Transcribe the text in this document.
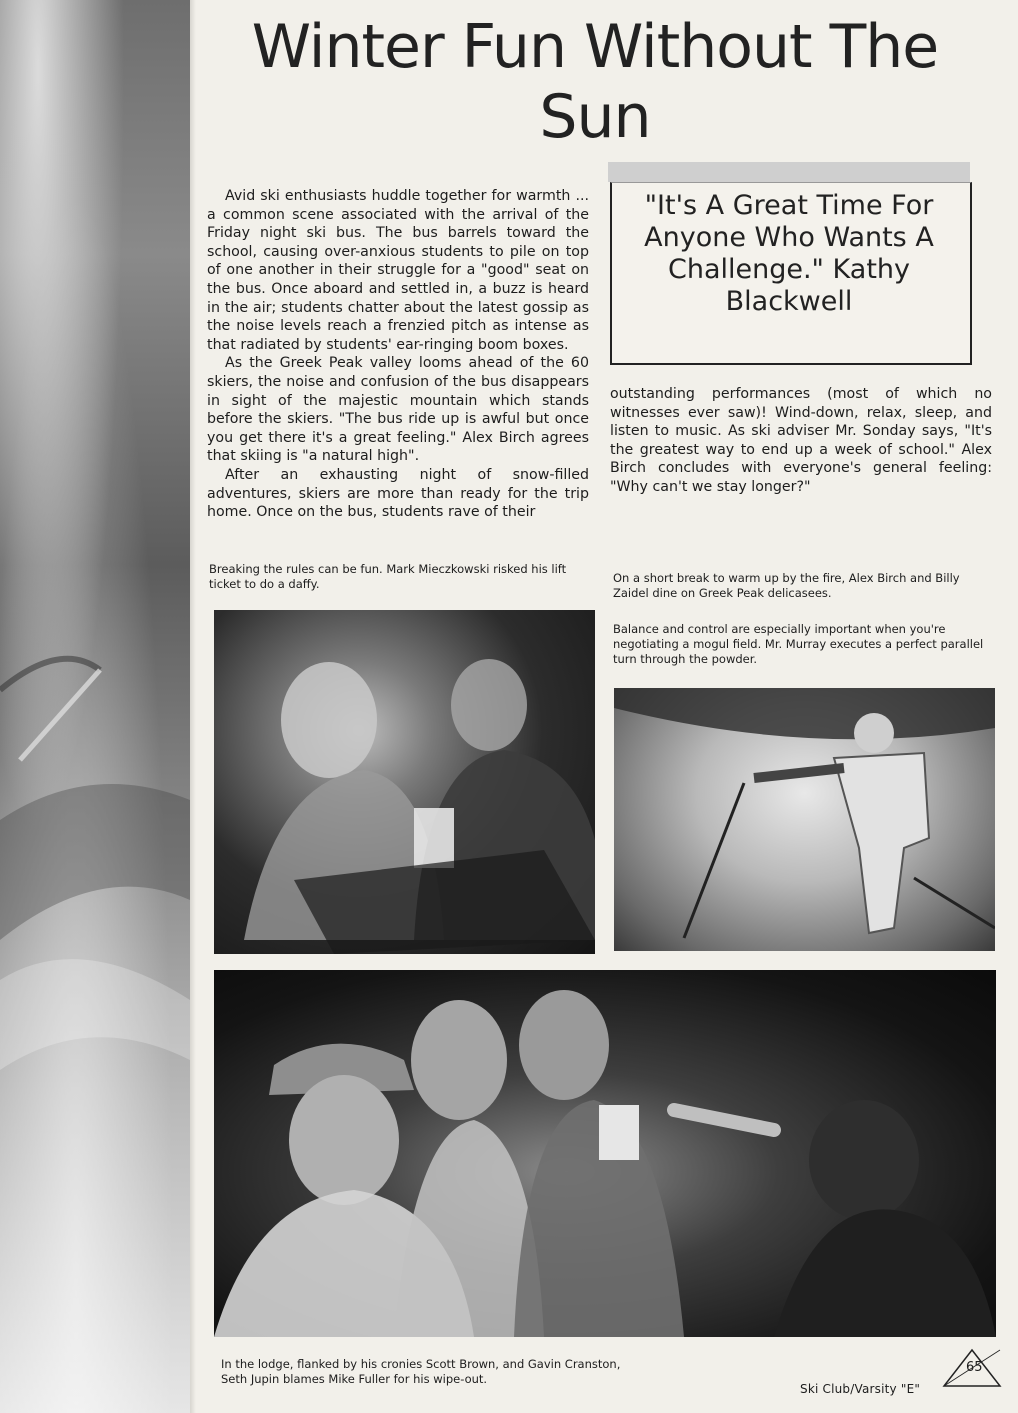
Winter Fun Without The Sun

Avid ski enthusiasts huddle together for warmth ... a common scene associated with the arrival of the Friday night ski bus. The bus barrels toward the school, causing over-anxious students to pile on top of one another in their struggle for a "good" seat on the bus. Once aboard and settled in, a buzz is heard in the air; students chatter about the latest gossip as the noise levels reach a frenzied pitch as intense as that radiated by students' ear-ringing boom boxes.

As the Greek Peak valley looms ahead of the 60 skiers, the noise and confusion of the bus disappears in sight of the majestic mountain which stands before the skiers. "The bus ride up is awful but once you get there it's a great feeling." Alex Birch agrees that skiing is "a natural high".

After an exhausting night of snow-filled adventures, skiers are more than ready for the trip home. Once on the bus, students rave of their

"It's A Great Time For Anyone Who Wants A Challenge." Kathy Blackwell

outstanding performances (most of which no witnesses ever saw)! Wind-down, relax, sleep, and listen to music. As ski adviser Mr. Sonday says, "It's the greatest way to end up a week of school." Alex Birch concludes with everyone's general feeling: "Why can't we stay longer?"

Breaking the rules can be fun. Mark Mieczkowski risked his lift ticket to do a daffy.	On a short break to warm up by the fire, Alex Birch and Billy Zaidel dine on Greek Peak delicasees.

Balance and control are especially important when you're negotiating a mogul field. Mr. Murray executes a perfect parallel turn through the powder.

In the lodge, flanked by his cronies Scott Brown, and Gavin Cranston, Seth Jupin blames Mike Fuller for his wipe-out.

65
Ski Club/Varsity "E"
